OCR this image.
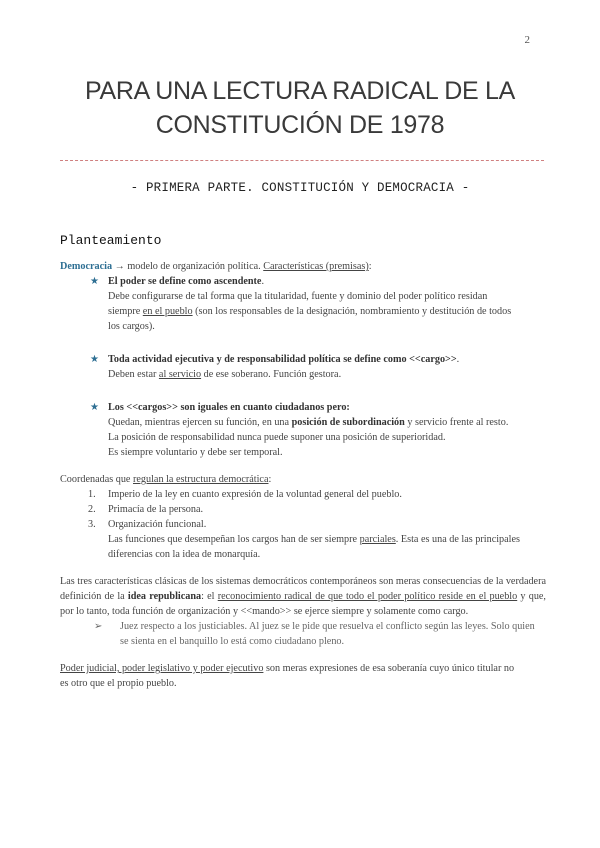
2
PARA UNA LECTURA RADICAL DE LA
CONSTITUCIÓN DE 1978
- PRIMERA PARTE. CONSTITUCIÓN Y DEMOCRACIA -
Planteamiento

Democracia → modelo de organización política. Características (premisas):

★ El poder se define como ascendente.

Debe configurarse de tal forma que la titularidad, fuente y dominio del poder político residan

siempre en el pueblo (son los responsables de la designación, nombramiento y destitución de todos

los cargos).

★ Toda actividad ejecutiva y de responsabilidad política se define como <<cargo>>.

Deben estar al servicio de ese soberano. Función gestora.

★ Los <<cargos>> son iguales en cuanto ciudadanos pero:

Quedan, mientras ejercen su función, en una posición de subordinación y servicio frente al resto.

La posición de responsabilidad nunca puede suponer una posición de superioridad.

Es siempre voluntario y debe ser temporal.

Coordenadas que regulan la estructura democrática:

1. Imperio de la ley en cuanto expresión de la voluntad general del pueblo.
2. Primacía de la persona.
3. Organización funcional.

Las funciones que desempeñan los cargos han de ser siempre parciales. Esta es una de las principales

diferencias con la idea de monarquía.

Las tres características clásicas de los sistemas democráticos contemporáneos son meras consecuencias de la verdadera definición de la idea republicana: el reconocimiento radical de que todo el poder político reside en el pueblo y que, por lo tanto, toda función de organización y <<mando>> se ejerce siempre y solamente como cargo.

➢ Juez respecto a los justiciables. Al juez se le pide que resuelva el conflicto según las leyes. Solo quien

se sienta en el banquillo lo está como ciudadano pleno.

Poder judicial, poder legislativo y poder ejecutivo son meras expresiones de esa soberanía cuyo único titular no

es otro que el propio pueblo.
